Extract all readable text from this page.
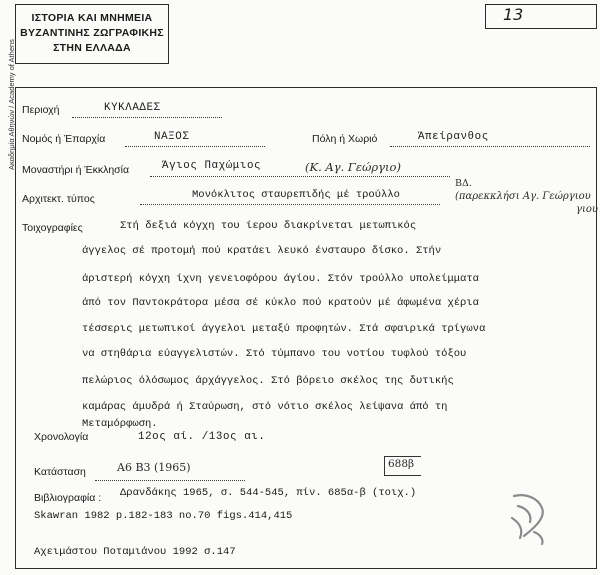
Ακαδημία Αθηνών / Academy of Athens
ΙΣΤΟΡΙΑ ΚΑΙ ΜΝΗΜΕΙΑ
ΒΥΖΑΝΤΙΝΗΣ ΖΩΓΡΑΦΙΚΗΣ
ΣΤΗΝ ΕΛΛΑΔΑ
13
Περιοχή	ΚΥΚΛΑΔΕΣ
Νομός ή Έπαρχία	ΝΑΞΟΣ	Πόλη ή Χωριό	Άπείρανθος
Μοναστήρι ή Έκκλησία	Άγιος Παχώμιος	(Κ. Αγ. Γεώργιο)
Αρχιτεκτ. τύπος	Μονόκλιτος σταυρεπιδής μέ τρούλλο
ΒΔ.
(παρεκκλήσι Αγ. Γεώργιου
γιου
Τοιχογραφίες	Στή δεξιά κόγχη του ίερου διακρίνεται μετωπικός
άγγελος σέ προτομή πού κρατάει λευκό ένσταυρο δίσκο. Στήν
άριστερή κόγχη ίχνη γενειοφόρου άγίου. Στόν τρούλλο υπολείμματα
άπό τον Παντοκράτορα μέσα σέ κύκλο πού κρατούν μέ άφωμένα χέρια
τέσσερις μετωπικοί άγγελοι μεταξύ προφητών. Στά σφαιρικά τρίγωνα
να στηθάρια εύαγγελιστών. Στό τύμπανο του νοτίου τυφλού τόξου
πελώριος όλόσωμος άρχάγγελος. Στό βόρειο σκέλος της δυτικής
καμάρας άμυδρά ή Σταύρωση, στό νότιο σκέλος λείψανα άπό τη
Μεταμόρφωση.
Χρονολογία	12ος αί. /13ος αι.
Κατάσταση	Α6 Β3 (1965)
Βιβλιογραφία :
688β
Δρανδάκης 1965, σ. 544-545, πίν. 685α-β (τοιχ.)
Skawran 1982 p.182-183 no.70 figs.414,415
Αχειμάστου Ποταμιάνου 1992 σ.147
